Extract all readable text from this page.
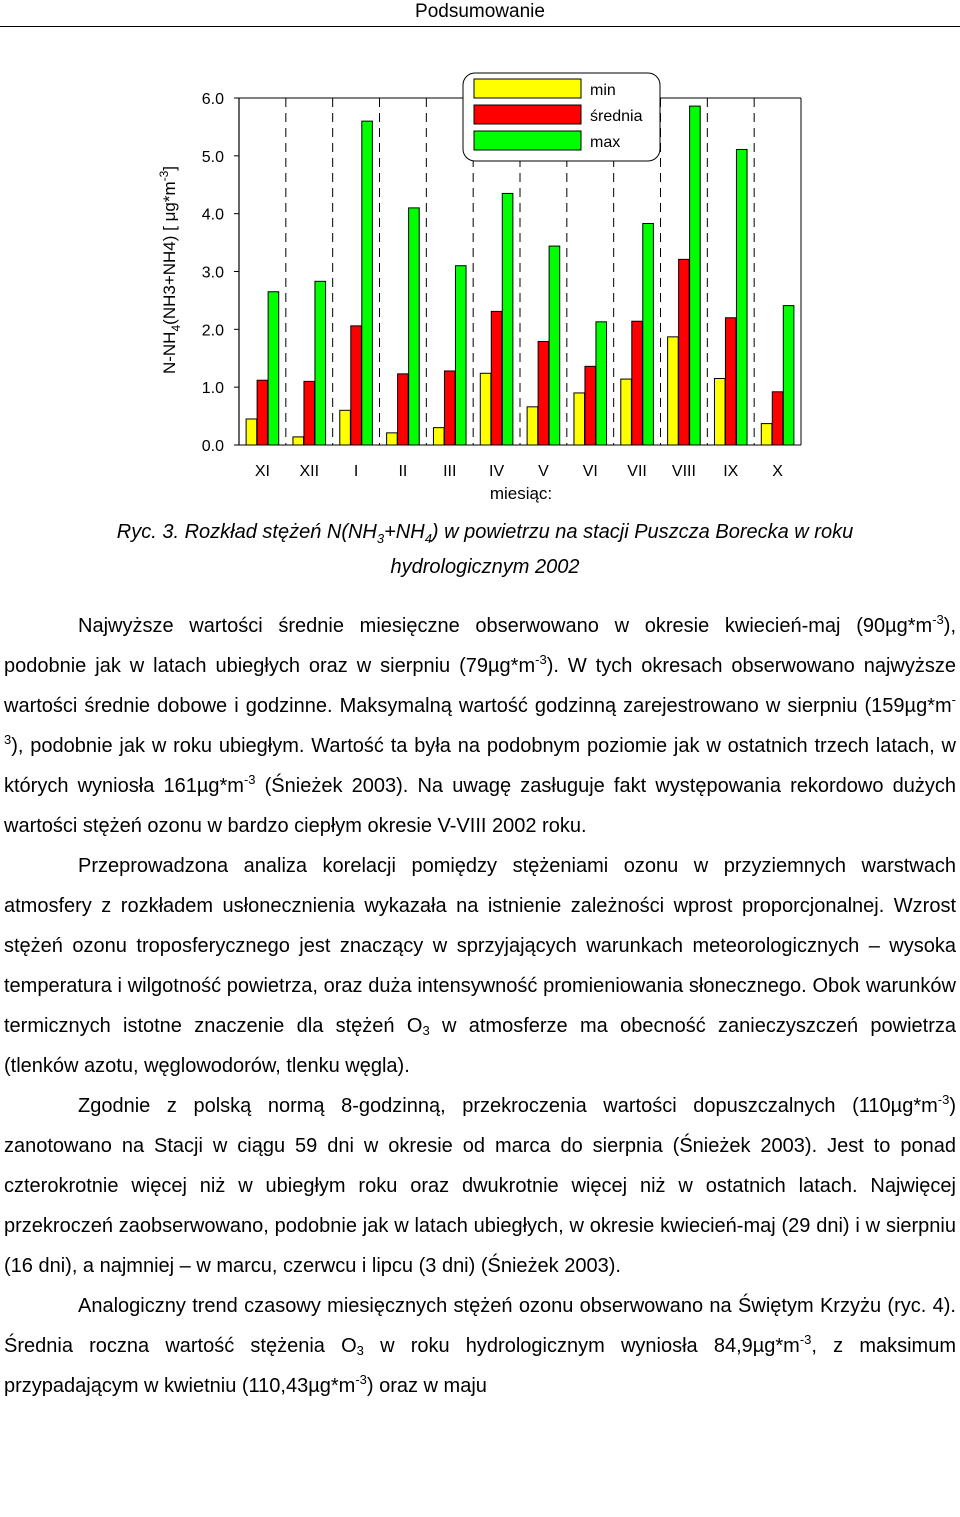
Podsumowanie
0.0
1.0
2.0
3.0
4.0
5.0
6.0
XI XII I	II III IV V VI VII VIII IX X
miesiąc:
$N-NH_4(NH3+NH4)$ [ $\mu g*m^{-3}$]
min
średnia
max
Ryc. 3. Rozkład stężeń $N(NH_3+NH_4)$ w powietrzu na stacji Puszcza Borecka w roku hydrologicznym 2002

Najwyższe wartości średnie miesięczne obserwowano w okresie kwiecień-maj $(90\mu g*m^{-3})$, podobnie jak w latach ubiegłych oraz w sierpniu $(79\mu g*m^{-3})$. W tych okresach obserwowano najwyższe wartości średnie dobowe i godzinne. Maksymalną wartość godzinną zarejestrowano w sierpniu $(159\mu g*m^{-3})$, podobnie jak w roku ubiegłym. Wartość ta była na podobnym poziomie jak w ostatnich trzech latach, w których wyniosła $161\mu g*m^{-3}$ (Śnieżek 2003). Na uwagę zasługuje fakt występowania rekordowo dużych wartości stężeń ozonu w bardzo ciepłym okresie V-VIII 2002 roku.

Przeprowadzona analiza korelacji pomiędzy stężeniami ozonu w przyziemnych warstwach atmosfery z rozkładem usłonecznienia wykazała na istnienie zależności wprost proporcjonalnej. Wzrost stężeń ozonu troposferycznego jest znaczący w sprzyjających warunkach meteorologicznych – wysoka temperatura i wilgotność powietrza, oraz duża intensywność promieniowania słonecznego. Obok warunków termicznych istotne znaczenie dla stężeń $O_3$ w atmosferze ma obecność zanieczyszczeń powietrza (tlenków azotu, węglowodorów, tlenku węgla).

Zgodnie z polską normą 8-godzinną, przekroczenia wartości dopuszczalnych $(110\mu g*m^{-3})$ zanotowano na Stacji w ciągu 59 dni w okresie od marca do sierpnia (Śnieżek 2003). Jest to ponad czterokrotnie więcej niż w ubiegłym roku oraz dwukrotnie więcej niż w ostatnich latach. Najwięcej przekroczeń zaobserwowano, podobnie jak w latach ubiegłych, w okresie kwiecień-maj (29 dni) i w sierpniu (16 dni), a najmniej – w marcu, czerwcu i lipcu (3 dni) (Śnieżek 2003).

Analogiczny trend czasowy miesięcznych stężeń ozonu obserwowano na Świętym Krzyżu (ryc. 4). Średnia roczna wartość stężenia $O_3$ w roku hydrologicznym wyniosła $84,9\mu g*m^{-3}$, z maksimum przypadającym w kwietniu $(110,43\mu g*m^{-3})$ oraz w maju
